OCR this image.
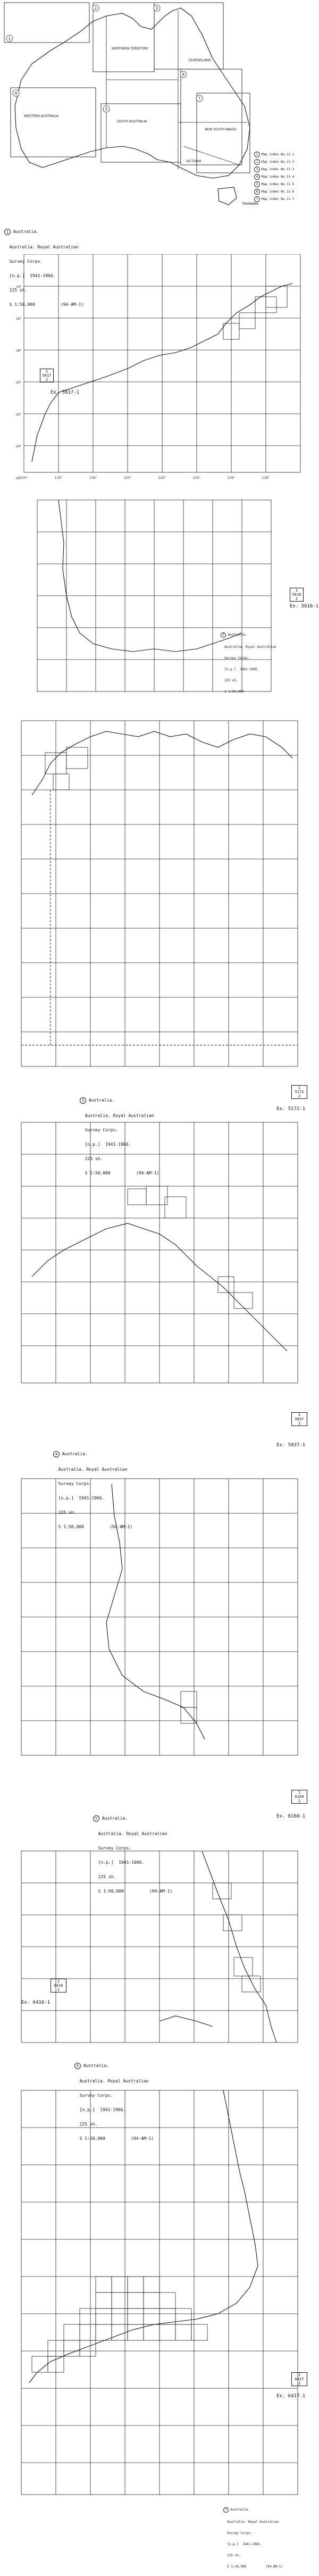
1
2	3
4
5
6
7
NORTHERN TERRITORY
QUEENSLAND
WESTERN AUSTRALIA
SOUTH AUSTRALIA
NEW SOUTH WALES
VICTORIA
TASMANIA
1 Map index No.11-1
2 Map index No.11-2
3 Map index No.11-3
4 Map index No.11-4
5 Map index No.11-5
6 Map index No.11-6
7 Map index No.11-7

1 Australia.

Australia. Royal Australian

Survey Corps.

[n.p.]  1941-1966.

225 sh.

S 1:50,000          (94-AM-1)

14°
16°
18°
20°
22°
24°
26°
114°	116°	118°	120°	122°	124°	126°	128°
1
5617
2
Ex. 5617-1
1
5616
2
Ex. 5616-1

2 Australia.

Australia. Royal Australian

Survey Corps.

[n.p.]  1941-1966.

225 sh.

S 1:50,000

3 Australia.

Australia. Royal Australian

Survey Corps.

[n.p.]  1941-1966.

225 sh.

S 1:50,000          (94-AM-1)

1
5172
2
Ex. 5172-1

4 Australia.

Australia. Royal Australian

Survey Corps.

[n.p.]  1941-1966.

225 sh.

S 1:50,000          (94-AM-1)

1
5837
2
Ex. 5837-1
1
6160
2
Ex. 6160-1

5 Australia.

Australia. Royal Australian

Survey Corps.

[n.p.]  1941-1966.

225 sh.

S 1:50,000          (94-AM-1)

1
6416
2
Ex. 6416-1

6 Australia.

Australia. Royal Australian

Survey Corps.

[n.p.]  1941-1966.

225 sh.

S 1:50,000          (94-AM-1)

1
6417
2
Ex. 6417-1

7 Australia.

Australia. Royal Australian

Survey Corps.

[n.p.]  1941-1966.

225 sh.

S 1:50,000          (94-AM-1)
